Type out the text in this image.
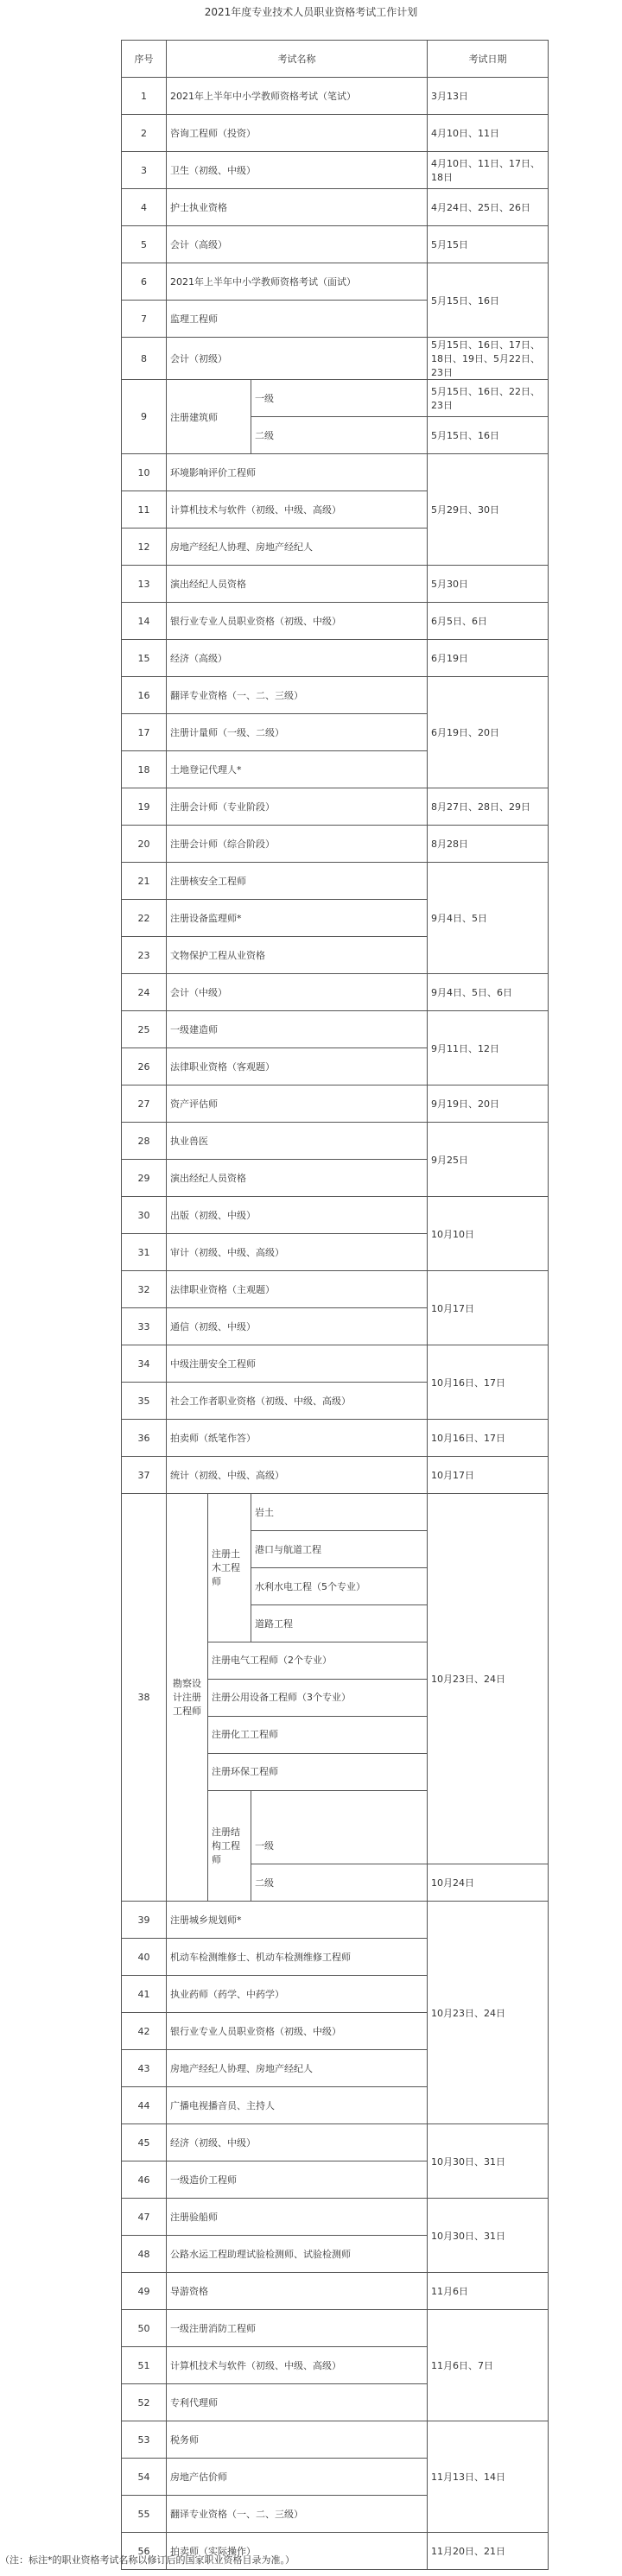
2021年度专业技术人员职业资格考试工作计划
序号	考试名称			考试日期
1	2021年上半年中小学教师资格考试（笔试）			3月13日
2	咨询工程师（投资）			4月10日、11日
3	卫生（初级、中级）			4月10日、11日、17日、18日
4	护士执业资格			4月24日、25日、26日
5	会计（高级）			5月15日
6	2021年上半年中小学教师资格考试（面试）			5月15日、16日
7	监理工程师			
8	会计（初级）			5月15日、16日、17日、18日、19日、5月22日、23日
9	注册建筑师		一级	5月15日、16日、22日、23日
			二级	5月15日、16日
10	环境影响评价工程师			5月29日、30日
11	计算机技术与软件（初级、中级、高级）			
12	房地产经纪人协理、房地产经纪人			
13	演出经纪人员资格			5月30日
14	银行业专业人员职业资格（初级、中级）			6月5日、6日
15	经济（高级）			6月19日
16	翻译专业资格（一、二、三级）			6月19日、20日
17	注册计量师（一级、二级）			
18	土地登记代理人*			
19	注册会计师（专业阶段）			8月27日、28日、29日
20	注册会计师（综合阶段）			8月28日
21	注册核安全工程师			9月4日、5日
22	注册设备监理师*			
23	文物保护工程从业资格			
24	会计（中级）			9月4日、5日、6日
25	一级建造师			9月11日、12日
26	法律职业资格（客观题）			
27	资产评估师			9月19日、20日
28	执业兽医			9月25日
29	演出经纪人员资格			
30	出版（初级、中级）			10月10日
31	审计（初级、中级、高级）			
32	法律职业资格（主观题）			10月17日
33	通信（初级、中级）			
34	中级注册安全工程师			10月16日、17日
35	社会工作者职业资格（初级、中级、高级）			
36	拍卖师（纸笔作答）			10月16日、17日
37	统计（初级、中级、高级）			10月17日
38	勘察设计注册工程师	注册土木工程师	岩土	10月23日、24日
			港口与航道工程	
			水利水电工程（5个专业）	
			道路工程	
		注册电气工程师（2个专业）		
		注册公用设备工程师（3个专业）		
		注册化工工程师		
		注册环保工程师		
		注册结构工程师		
			一级	
			二级	10月24日
39	注册城乡规划师*			10月23日、24日
40	机动车检测维修士、机动车检测维修工程师			
41	执业药师（药学、中药学）			
42	银行业专业人员职业资格（初级、中级）			
43	房地产经纪人协理、房地产经纪人			
44	广播电视播音员、主持人			
45	经济（初级、中级）			10月30日、31日
46	一级造价工程师			
47	注册验船师			10月30日、31日
48	公路水运工程助理试验检测师、试验检测师			
49	导游资格			11月6日
50	一级注册消防工程师			11月6日、7日
51	计算机技术与软件（初级、中级、高级）			
52	专利代理师			
53	税务师			11月13日、14日
54	房地产估价师			
55	翻译专业资格（一、二、三级）			
56	拍卖师（实际操作）			11月20日、21日
（注：标注*的职业资格考试名称以修订后的国家职业资格目录为准。）
